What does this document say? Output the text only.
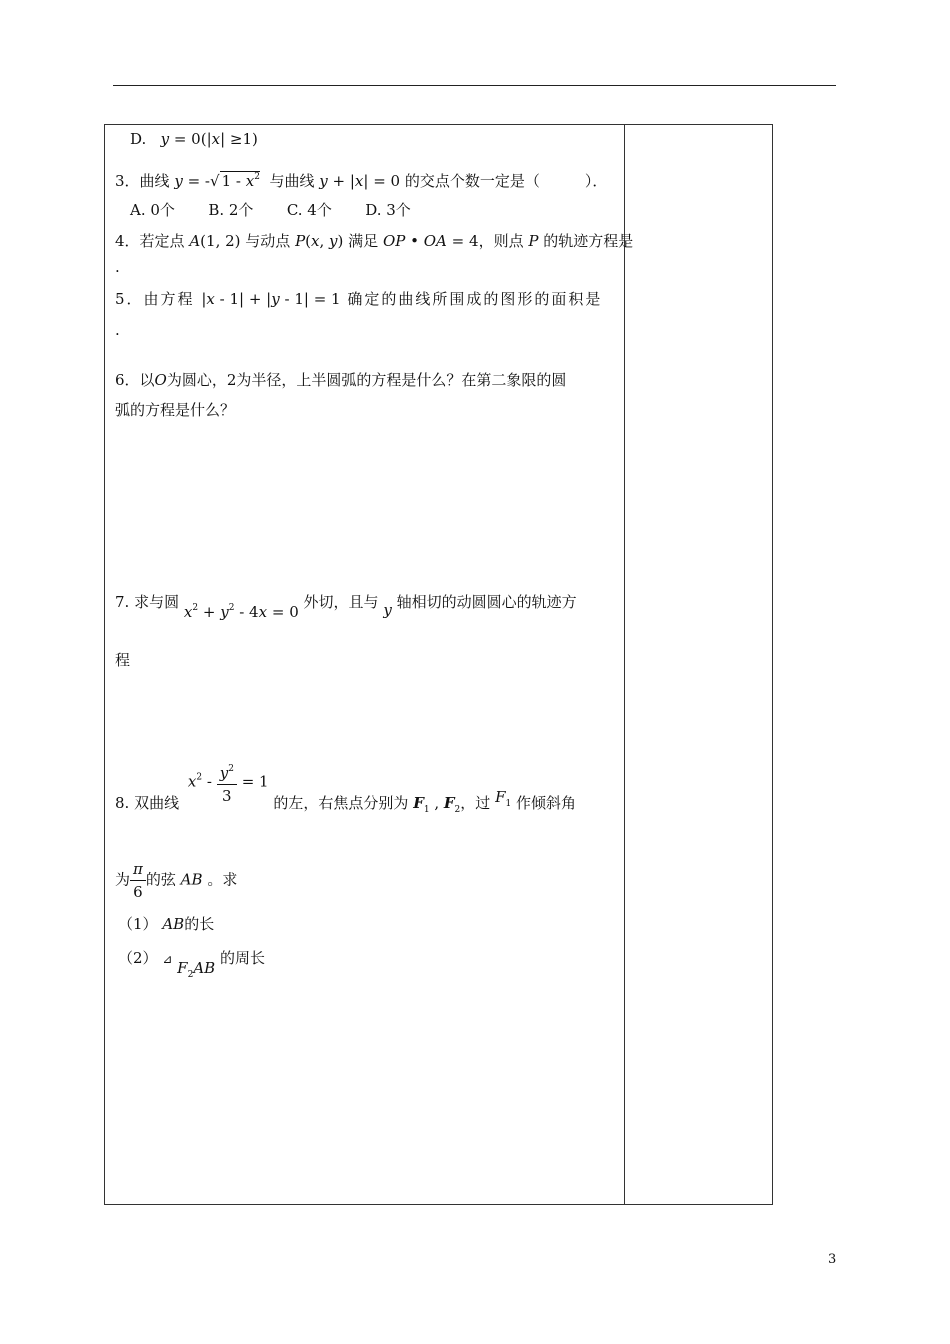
D. y = 0(|x| ≥1)
3．曲线 y = -√ $1 - x^2$ 与曲线 y + |x| = 0 的交点个数一定是（　　　）．
A. 0个 B. 2个 C. 4个 D. 3个
4．若定点 A(1, 2) 与动点 P(x, y) 满足 OP • OA = 4，则点 P 的轨迹方程是
.
5．由方程 |x - 1| + |y - 1| = 1 确定的曲线所围成的图形的面积是
.
6．以O为圆心，2为半径，上半圆弧的方程是什么？在第二象限的圆
弧的方程是什么？
7. 求与圆 $x^2 + y^2 - 4x = 0$ 外切，且与 y 轴相切的动圆圆心的轨迹方
程
8. 双曲线 $x^2 - \frac{y^2}{3} = 1$ 的左，右焦点分别为 $F_1$ , $F_2$，过 $F_1$ 作倾斜角
为 $\frac{\pi}{6}$ 的弦 AB 。求
（1） AB的长
（2） ⊿ $F_2AB$ 的周长
3
